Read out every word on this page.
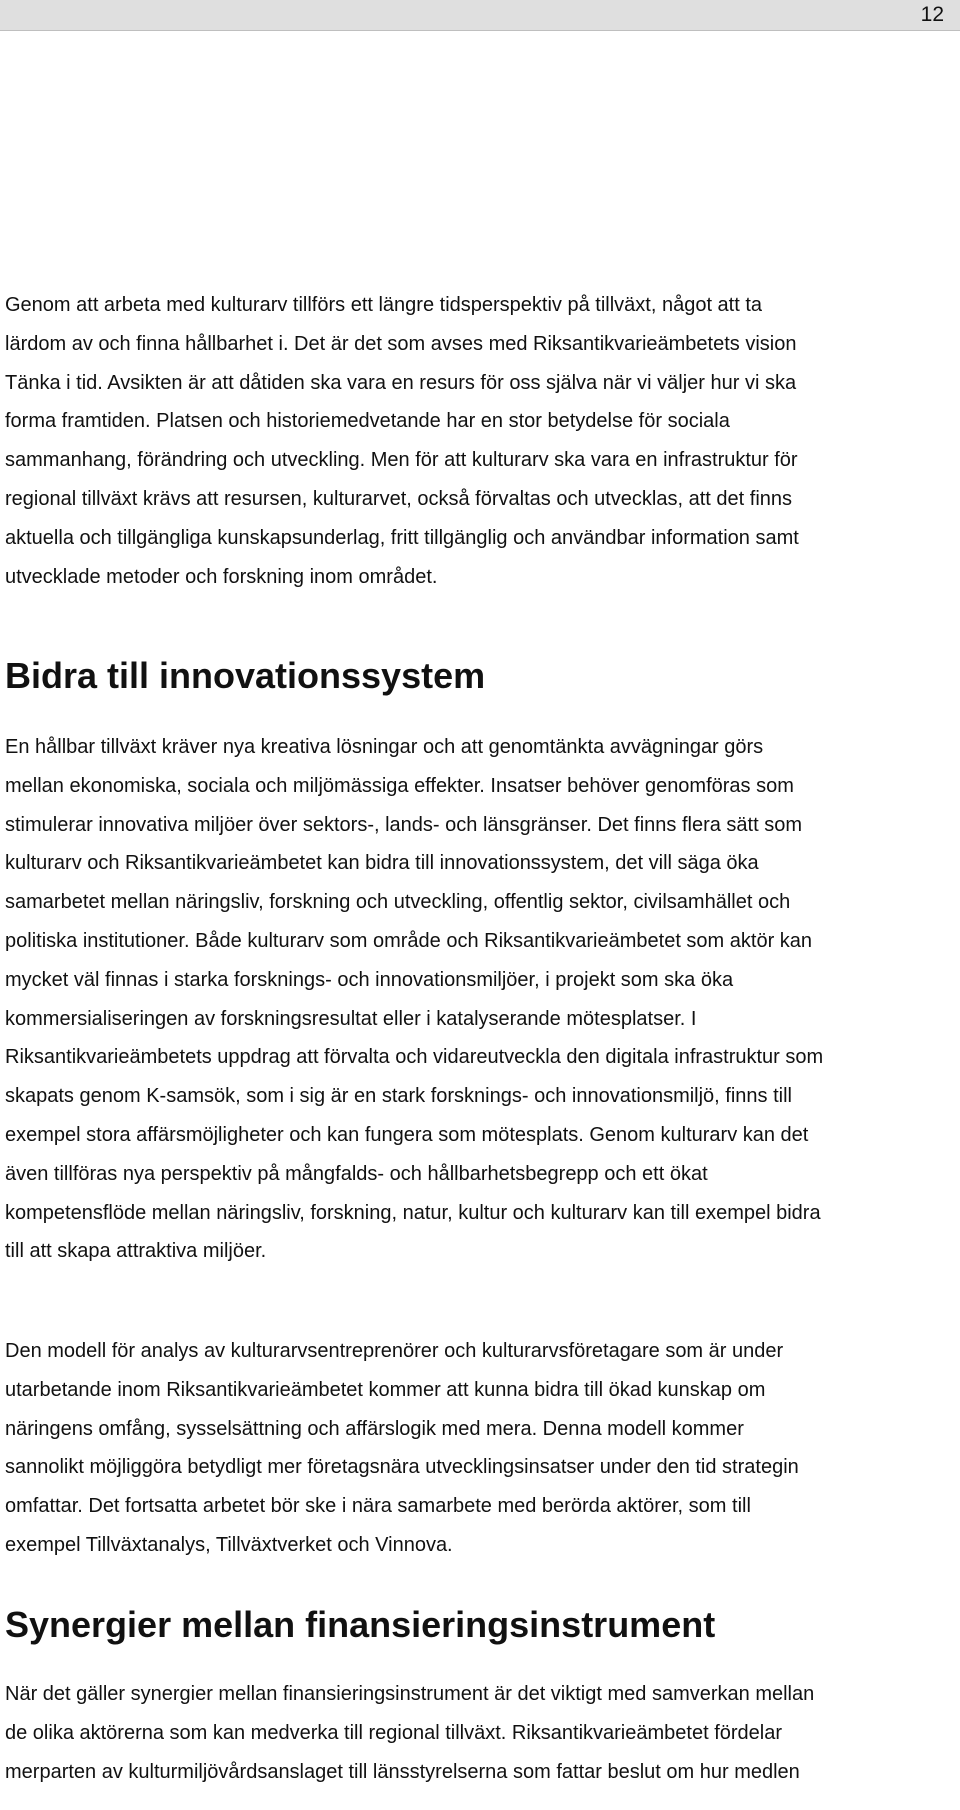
12

Genom att arbeta med kulturarv tillförs ett längre tidsperspektiv på tillväxt, något att ta
lärdom av och finna hållbarhet i. Det är det som avses med Riksantikvarieämbetets vision
Tänka i tid. Avsikten är att dåtiden ska vara en resurs för oss själva när vi väljer hur vi ska
forma framtiden. Platsen och historiemedvetande har en stor betydelse för sociala
sammanhang, förändring och utveckling. Men för att kulturarv ska vara en infrastruktur för
regional tillväxt krävs att resursen, kulturarvet, också förvaltas och utvecklas, att det finns
aktuella och tillgängliga kunskapsunderlag, fritt tillgänglig och användbar information samt
utvecklade metoder och forskning inom området.

Bidra till innovationssystem

En hållbar tillväxt kräver nya kreativa lösningar och att genomtänkta avvägningar görs
mellan ekonomiska, sociala och miljömässiga effekter. Insatser behöver genomföras som
stimulerar innovativa miljöer över sektors-, lands- och länsgränser. Det finns flera sätt som
kulturarv och Riksantikvarieämbetet kan bidra till innovationssystem, det vill säga öka
samarbetet mellan näringsliv, forskning och utveckling, offentlig sektor, civilsamhället och
politiska institutioner. Både kulturarv som område och Riksantikvarieämbetet som aktör kan
mycket väl finnas i starka forsknings- och innovationsmiljöer, i projekt som ska öka
kommersialiseringen av forskningsresultat eller i katalyserande mötesplatser. I
Riksantikvarieämbetets uppdrag att förvalta och vidareutveckla den digitala infrastruktur som
skapats genom K-samsök, som i sig är en stark forsknings- och innovationsmiljö, finns till
exempel stora affärsmöjligheter och kan fungera som mötesplats. Genom kulturarv kan det
även tillföras nya perspektiv på mångfalds- och hållbarhetsbegrepp och ett ökat
kompetensflöde mellan näringsliv, forskning, natur, kultur och kulturarv kan till exempel bidra
till att skapa attraktiva miljöer.

Den modell för analys av kulturarvsentreprenörer och kulturarvsföretagare som är under
utarbetande inom Riksantikvarieämbetet kommer att kunna bidra till ökad kunskap om
näringens omfång, sysselsättning och affärslogik med mera. Denna modell kommer
sannolikt möjliggöra betydligt mer företagsnära utvecklingsinsatser under den tid strategin
omfattar. Det fortsatta arbetet bör ske i nära samarbete med berörda aktörer, som till
exempel Tillväxtanalys, Tillväxtverket och Vinnova.

Synergier mellan finansieringsinstrument

När det gäller synergier mellan finansieringsinstrument är det viktigt med samverkan mellan
de olika aktörerna som kan medverka till regional tillväxt. Riksantikvarieämbetet fördelar
merparten av kulturmiljövårdsanslaget till länsstyrelserna som fattar beslut om hur medlen
